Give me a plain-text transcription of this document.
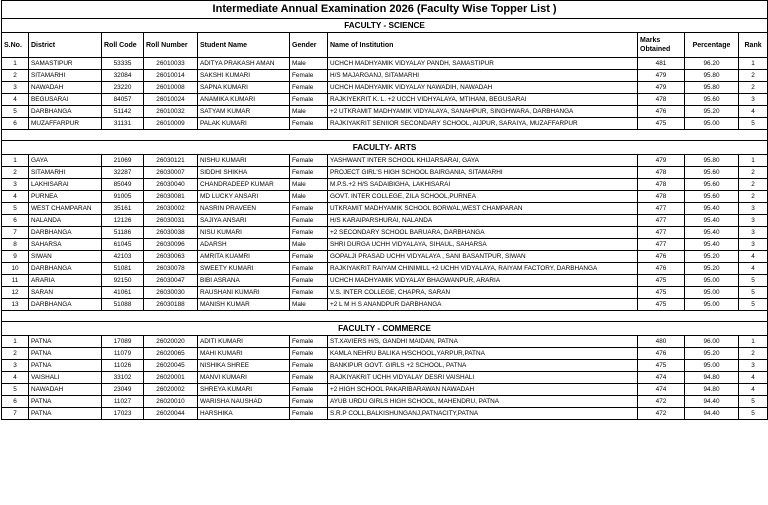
Intermediate Annual Examination 2026 (Faculty Wise Topper List )									
FACULTY - SCIENCE									
S.No.	District	Roll Code	Roll Number	Student Name	Gender	Name of Institution	Marks Obtained	Percentage	Rank
1	SAMASTIPUR	53335	26010033	ADITYA PRAKASH AMAN	Male	UCHCH MADHYAMIK VIDYALAY PANDH, SAMASTIPUR	481	96.20	1
2	SITAMARHI	32084	26010014	SAKSHI KUMARI	Female	H/S MAJARGANJ, SITAMARHI	479	95.80	2
3	NAWADAH	23220	26010008	SAPNA KUMARI	Female	UCHCH MADHYAMIK VIDYALAY NAWADIH, NAWADAH	479	95.80	2
4	BEGUSARAI	84057	26010024	ANAMIKA KUMARI	Female	RAJKIYEKRIT K. L. +2 UCCH VIDHYALAYA, MTIHANI, BEGUSARAI	478	95.60	3
5	DARBHANGA	51142	26010032	SATYAM KUMAR	Male	+2 UTKRAMIT MADHYAMIK VIDYALAYA, SANAHPUR, SINGHWARA, DARBHANGA	476	95.20	4
6	MUZAFFARPUR	31131	26010009	PALAK KUMARI	Female	RAJKIYAKRIT SENIIOR SECONDARY SCHOOL, AIJPUR, SARAIYA, MUZAFFARPUR	475	95.00	5

FACULTY- ARTS									
1	GAYA	21069	26030121	NISHU KUMARI	Female	YASHWANT INTER SCHOOL KHIJARSARAI, GAYA	479	95.80	1
2	SITAMARHI	32287	26030007	SIDDHI SHIKHA	Female	PROJECT GIRL'S HIGH SCHOOL BAIRGANIA, SITAMARHI	478	95.60	2
3	LAKHISARAI	85049	26030040	CHANDRADEEP KUMAR	Male	M.P.S.+2 H/S SADAIBIGHA, LAKHISARAI	478	95.60	2
4	PURNEA	91005	26030081	MD LUCKY ANSARI	Male	GOVT. INTER COLLEGE, ZILA SCHOOL,PURNEA	478	95.60	2
5	WEST CHAMPARAN	35161	26030002	NASRIN PRAVEEN	Female	UTKRAMIT MADHYAMIK SCHOOL BORWAL,WEST CHAMPARAN	477	95.40	3
6	NALANDA	12126	26030031	SAJIYA ANSARI	Female	H/S KARAIPARSHURAI, NALANDA	477	95.40	3
7	DARBHANGA	51186	26030038	NISU KUMARI	Female	+2 SECONDARY SCHOOL BARUARA, DARBHANGA	477	95.40	3
8	SAHARSA	61045	26030096	ADARSH	Male	SHRI DURGA UCHH VIDYALAYA, SIHAUL, SAHARSA	477	95.40	3
9	SIWAN	42103	26030063	AMRITA KUAMRI	Female	GOPALJI PRASAD UCHH VIDYALAYA , SANI BASANTPUR, SIWAN	476	95.20	4
10	DARBHANGA	51081	26030078	SWEETY KUMARI	Female	RAJKIYAKRIT RAIYAM CHINIMILL +2 UCHH VIDYALAYA, RAIYAM FACTORY, DARBHANGA	476	95.20	4
11	ARARIA	92150	26030047	BIBI ASRANA	Female	UCHCH MADHYAMIK VIDYALAY BHAGWANPUR, ARARIA	475	95.00	5
12	SARAN	41061	26030030	RAUSHANI KUMARI	Female	V.S. INTER COLLEGE, CHAPRA, SARAN	475	95.00	5
13	DARBHANGA	51088	26030188	MANISH KUMAR	Male	+2 L M H S ANANDPUR DARBHANGA	475	95.00	5

FACULTY - COMMERCE									
1	PATNA	17089	26020020	ADITI KUMARI	Female	ST.XAVIERS H/S, GANDHI MAIDAN, PATNA	480	96.00	1
2	PATNA	11079	26020065	MAHI KUMARI	Female	KAMLA NEHRU BALIKA H/SCHOOL,YARPUR,PATNA	476	95.20	2
3	PATNA	11026	26020045	NISHIKA SHREE	Female	BANKIPUR GOVT. GIRLS +2 SCHOOL, PATNA	475	95.00	3
4	VAISHALI	33102	26020001	MANVI KUMARI	Female	RAJKIYAKRIT UCHH VIDYALAY DESRI VAISHALI	474	94.80	4
5	NAWADAH	23049	26020002	SHREYA KUMARI	Female	+2 HIGH SCHOOL PAKARIBARAWAN NAWADAH	474	94.80	4
6	PATNA	11027	26020010	WARISHA NAUSHAD	Female	AYUB URDU GIRLS HIGH SCHOOL, MAHENDRU, PATNA	472	94.40	5
7	PATNA	17023	26020044	HARSHIKA	Female	S.R.P COLL,BALKISHUNGANJ,PATNACITY,PATNA	472	94.40	5
